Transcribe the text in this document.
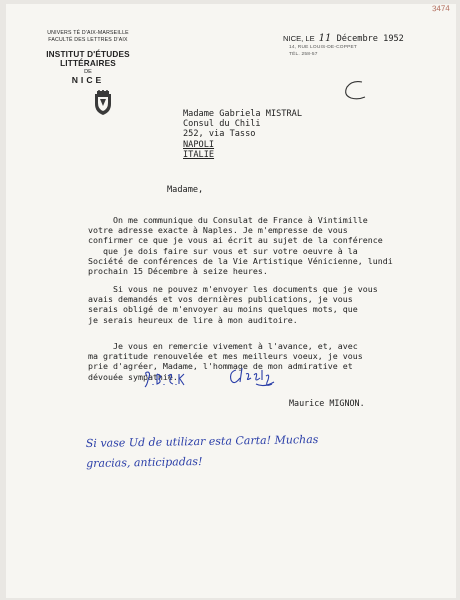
3474
UNIVERS TÉ D'AIX-MARSEILLE
FACULTÉ DES LETTRES D'AIX
INSTITUT D'ÉTUDES LITTÉRAIRES
DE
NICE
NICE, LE 11 Décembre 1952
14, RUE LOUIS-DE-COPPET
TÉL. 258-57
Madame Gabriela MISTRAL
Consul du Chili
252, via Tasso
NAPOLI
ITALIE
Madame,
On me communique du Consulat de France à Vintimille
votre adresse exacte à Naples. Je m'empresse de vous
confirmer ce que je vous ai écrit au sujet de la conférence
que je dois faire sur vous et sur votre oeuvre à la
Société de conférences de la Vie Artistique Vénicienne, lundi
prochain 15 Décembre à seize heures.
Si vous ne pouvez m'envoyer les documents que je vous
avais demandés et vos dernières publications, je vous
serais obligé de m'envoyer au moins quelques mots, que
je serais heureux de lire à mon auditoire.
Je vous en remercie vivement à l'avance, et, avec
ma gratitude renouvelée et mes meilleurs voeux, je vous
prie d'agréer, Madame, l'hommage de mon admirative et
dévouée sympathie.
Maurice MIGNON.
Si vase Ud de utilizar esta Carta! Muchas
gracias, anticipadas!
